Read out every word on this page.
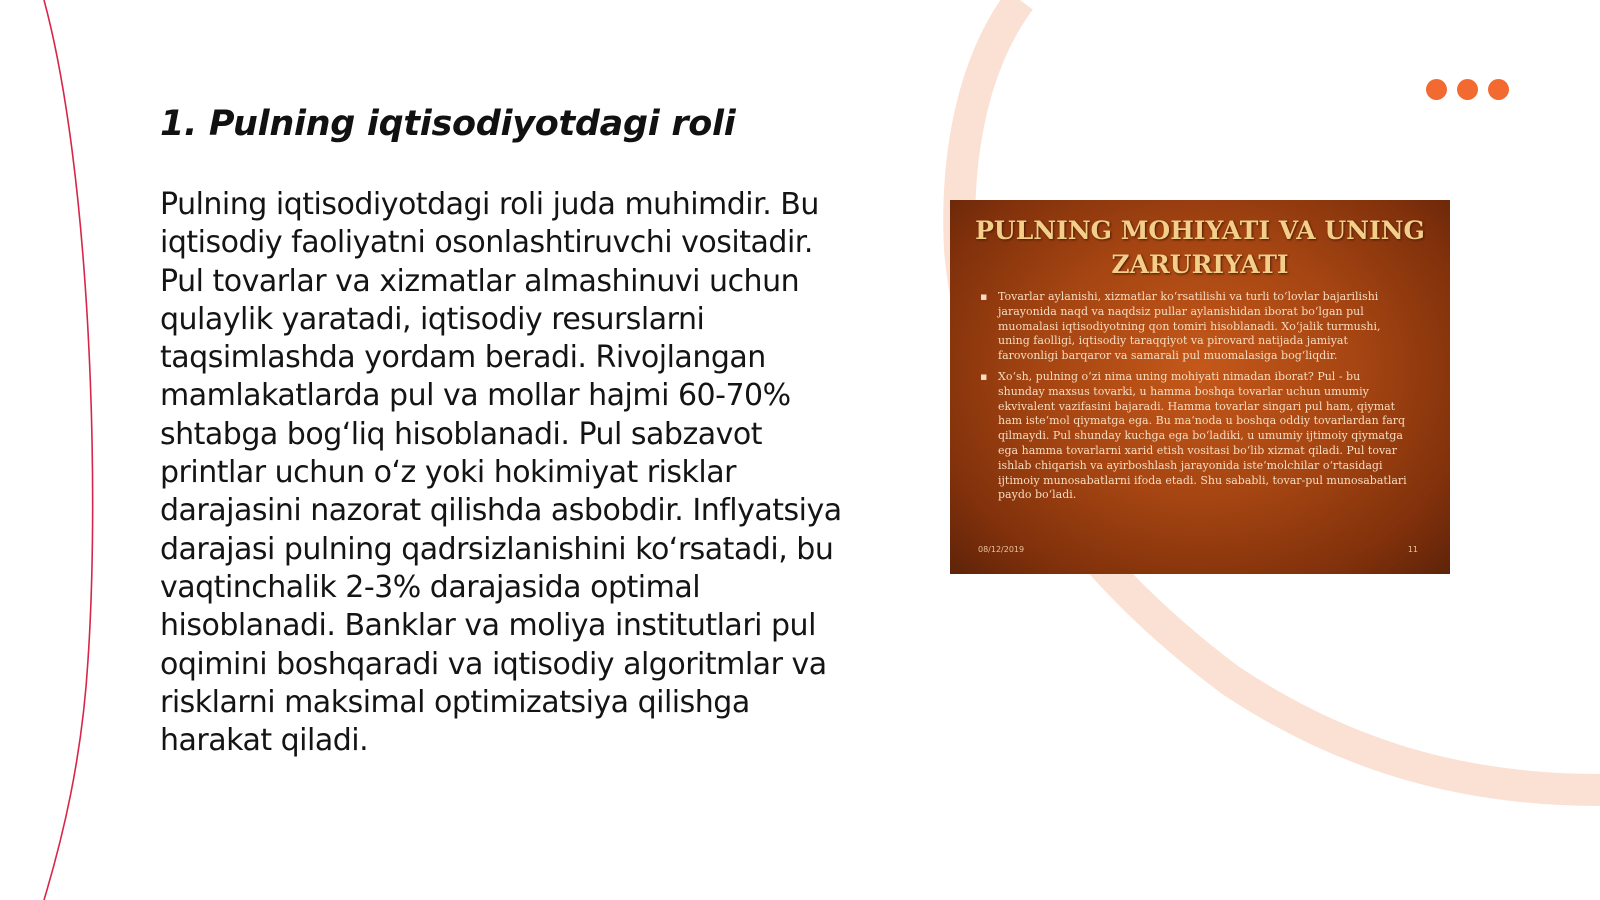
1. Pulning iqtisodiyotdagi roli

Pulning iqtisodiyotdagi roli juda muhimdir. Bu iqtisodiy faoliyatni osonlashtiruvchi vositadir. Pul tovarlar va xizmatlar almashinuvi uchun qulaylik yaratadi, iqtisodiy resurslarni taqsimlashda yordam beradi. Rivojlangan mamlakatlarda pul va mollar hajmi 60-70% shtabga bog‘liq hisoblanadi. Pul sabzavot printlar uchun o‘z yoki hokimiyat risklar darajasini nazorat qilishda asbobdir. Inflyatsiya darajasi pulning qadrsizlanishini ko‘rsatadi, bu vaqtinchalik 2-3% darajasida optimal hisoblanadi. Banklar va moliya institutlari pul oqimini boshqaradi va iqtisodiy algoritmlar va risklarni maksimal optimizatsiya qilishga harakat qiladi.

PULNING MOHIYATI VA UNING ZARURIYATI

▪ Tovarlar aylanishi, xizmatlar ko‘rsatilishi va turli to‘lovlar bajarilishi jarayonida naqd va naqdsiz pullar aylanishidan iborat bo‘lgan pul muomalasi iqtisodiyotning qon tomiri hisoblanadi. Xo‘jalik turmushi, uning faolligi, iqtisodiy taraqqiyot va pirovard natijada jamiyat farovonligi barqaror va samarali pul muomalasiga bog‘liqdir.
▪ Xo‘sh, pulning o‘zi nima uning mohiyati nimadan iborat? Pul - bu shunday maxsus tovarki, u hamma boshqa tovarlar uchun umumiy ekvivalent vazifasini bajaradi. Hamma tovarlar singari pul ham, qiymat ham iste‘mol qiymatga ega. Bu ma‘noda u boshqa oddiy tovarlardan farq qilmaydi. Pul shunday kuchga ega bo‘ladiki, u umumiy ijtimoiy qiymatga ega hamma tovarlarni xarid etish vositasi bo‘lib xizmat qiladi. Pul tovar ishlab chiqarish va ayirboshlash jarayonida iste‘molchilar o‘rtasidagi ijtimoiy munosabatlarni ifoda etadi. Shu sababli, tovar-pul munosabatlari paydo bo‘ladi.
08/12/2019	11
